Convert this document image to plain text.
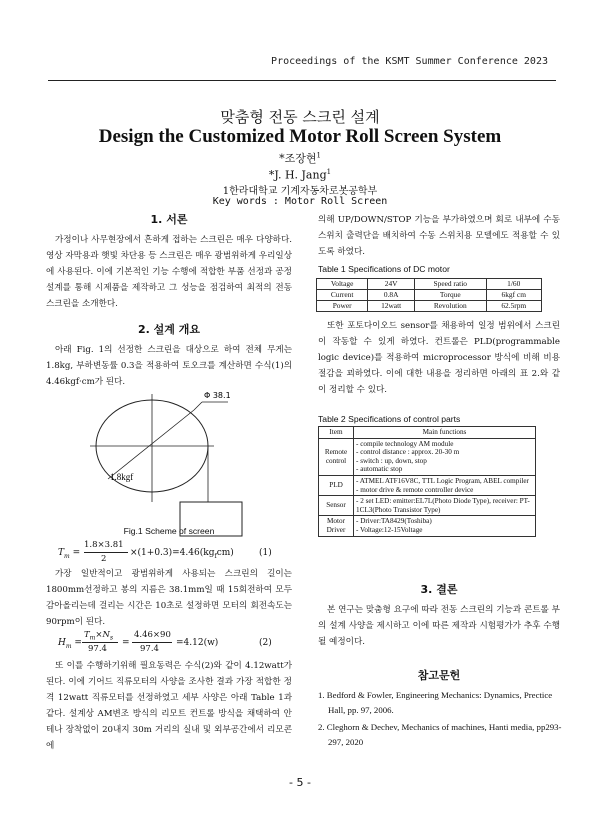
Proceedings of the KSMT Summer Conference 2023
맞춤형 전동 스크린 설계
Design the Customized Motor Roll Screen System
*조장현$^1$
*J. H. Jang$^1$
1한라대학교 기계자동차로봇공학부
Key words : Motor Roll Screen
1. 서론

가정이나 사무현장에서 흔하게 접하는 스크린은 매우 다양하다. 영상 자막용과 햇빛 차단용 등 스크린은 매우 광범위하게 우리일상에 사용된다. 이에 기본적인 기능 수행에 적합한 부품 선정과 공정 설계를 통해 시제품을 제작하고 그 성능을 점검하여 최적의 전동 스크린을 소개한다.

2. 설계 개요

아래 Fig. 1의 선정한 스크린을 대상으로 하여 전체 무게는 1.8kg, 부하변동률 0.3을 적용하여 토오크를 계산하면 수식(1)의 4.46kgf·cm가 된다.

Φ 38.1
1.8kgf
Fig.1 Scheme of screen
$T_m$ =
1.8×3.81
2
$\times(1+0.3)=4.46(kg_fcm)$	(1)

가장 일반적이고 광범위하게 사용되는 스크린의 길이는 1800mm선정하고 봉의 지름은 38.1mm일 때 15회전하여 모두 감아올리는데 걸리는 시간은 10초로 설정하면 모터의 회전속도는 90rpm이 된다.

$H_m$ =
$T_m\times N_s$
97.4
=
4.46×90
97.4
=4.12(w)	(2)

또 이를 수행하기위해 필요동력은 수식(2)와 같이 4.12watt가 된다. 이에 기어드 직류모터의 사양을 조사한 결과 가장 적합한 정격 12watt 직류모터를 선정하였고 세부 사양은 아래 Table 1과 같다. 설계상 AM변조 방식의 리모트 컨트롤 방식을 채택하여 안테나 장착없이 20내지 30m 거리의 실내 및 외부공간에서 리모콘에

의해 UP/DOWN/STOP 기능을 부가하였으며 회로 내부에 수동 스위치 출력단을 배치하여 수동 스위치용 모델에도 적용할 수 있도록 하였다.

Table 1 Specifications of DC motor
Voltage	24V	Speed ratio	1/60
Current	0.8A	Torque	6kgf cm
Power	12watt	Revolution	62.5rpm

또한 포토다이오드 sensor를 채용하여 일정 범위에서 스크린이 작동할 수 있게 하였다. 컨트롤은 PLD(programmable logic device)를 적용하여 microprocessor 방식에 비해 비용절감을 꾀하였다. 이에 대한 내용을 정리하면 아래의 표 2.와 같이 정리할 수 있다.

Table 2 Specifications of control parts
Item	Main functions
Remote control	- compile technology AM module
- control distance : approx. 20-30 m
- switch : up, down, stop
- automatic stop
PLD	- ATMEL ATF16V8C, TTL Logic Program, ABEL compiler
- motor drive & remote controller device
Sensor	- 2 set LED: emitter:EL7L(Photo Diode Type), receiver: PT-1CL3(Photo Transistor Type)
Motor Driver	- Driver:TA8429(Toshiba)
- Voltage:12-15Voltage
3. 결론

본 연구는 맞춤형 요구에 따라 전동 스크린의 기능과 콘트롤 부의 설계 사양을 제시하고 이에 따른 제작과 시험평가가 추후 수행될 예정이다.

참고문헌
1. Bedford & Fowler, Engineering Mechanics: Dynamics, Prectice Hall, pp. 97, 2006.
2. Cleghorn & Dechev, Mechanics of machines, Hanti media, pp293-297, 2020
- 5 -
